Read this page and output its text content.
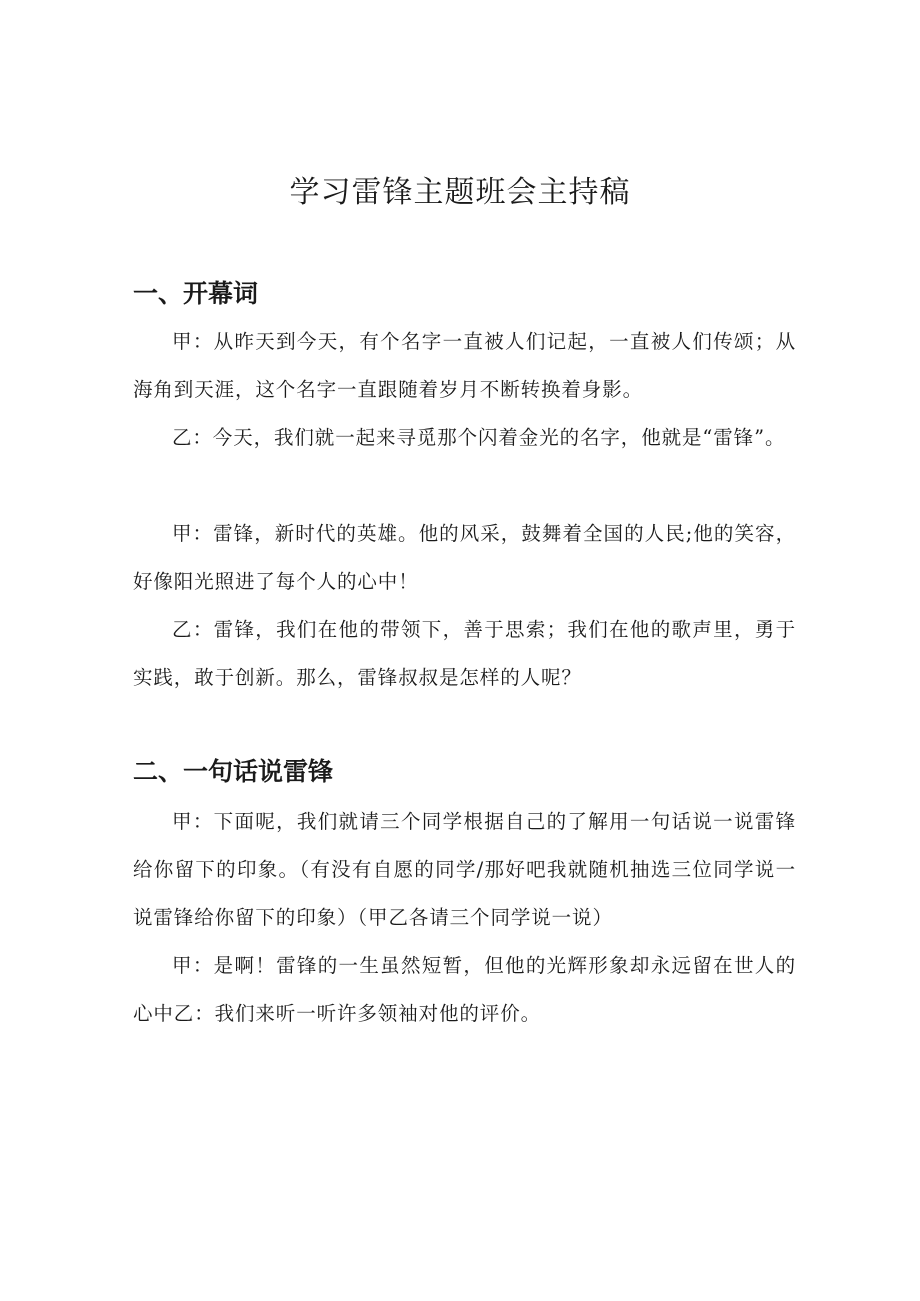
学习雷锋主题班会主持稿
一、开幕词

甲：从昨天到今天，有个名字一直被人们记起，一直被人们传颂；从海角到天涯，这个名字一直跟随着岁月不断转换着身影。

乙：今天，我们就一起来寻觅那个闪着金光的名字，他就是“雷锋”。

甲：雷锋，新时代的英雄。他的风采，鼓舞着全国的人民;他的笑容，好像阳光照进了每个人的心中！

乙：雷锋，我们在他的带领下，善于思索；我们在他的歌声里，勇于实践，敢于创新。那么，雷锋叔叔是怎样的人呢？

二、一句话说雷锋

甲：下面呢，我们就请三个同学根据自己的了解用一句话说一说雷锋给你留下的印象。（有没有自愿的同学/那好吧我就随机抽选三位同学说一说雷锋给你留下的印象）（甲乙各请三个同学说一说）

甲：是啊！雷锋的一生虽然短暂，但他的光辉形象却永远留在世人的心中乙：我们来听一听许多领袖对他的评价。
